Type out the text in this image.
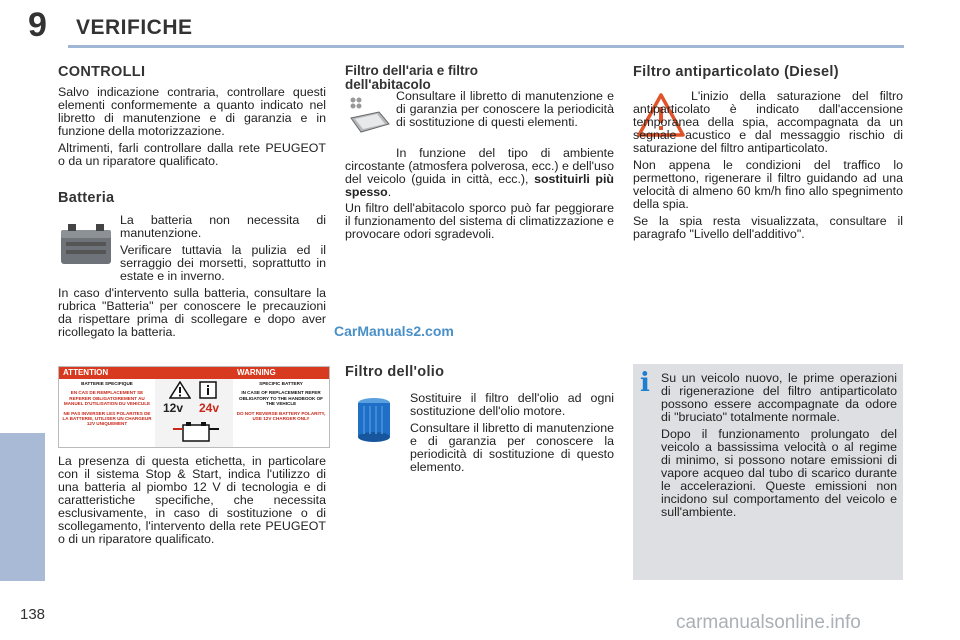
9 VERIFICHE
138
CONTROLLI

Salvo indicazione contraria, controllare questi elementi conformemente a quanto indicato nel libretto di manutenzione e di garanzia e in funzione della motorizzazione.

Altrimenti, farli controllare dalla rete PEUGEOT o da un riparatore qualificato.

Batteria

La batteria non necessita di manutenzione.

Verificare tuttavia la pulizia ed il serraggio dei morsetti, soprattutto in estate e in inverno.

In caso d'intervento sulla batteria, consultare la rubrica "Batteria" per conoscere le precauzioni da rispettare prima di scollegare e dopo aver ricollegato la batteria.	CarManuals2.com
ATTENTION
BATTERIE SPECIFIQUE
EN CAS DE REMPLACEMENT SE REFERER OBLIGATOIREMENT AU MANUEL D'UTILISATION DU VEHICULE
NE PAS INVERSER LES POLARITES DE LA BATTERIE, UTILISER UN CHARGEUR 12V UNIQUEMENT
12v 24v
WARNING
SPECIFIC BATTERY
IN CASE OF REPLACEMENT REFER OBLIGATORY TO THE HANDBOOK OF THE VEHICLE
DO NOT REVERSE BATTERY POLARITY, USE 12V CHARGER ONLY
La presenza di questa etichetta, in particolare con il sistema Stop & Start, indica l'utilizzo di una batteria al piombo 12 V di tecnologia e di caratteristiche specifiche, che necessita esclusivamente, in caso di sostituzione o di scollegamento, l'intervento della rete PEUGEOT o di un riparatore qualificato.
Filtro dell'aria e filtro dell'abitacolo
Consultare il libretto di manutenzione e di garanzia per conoscere la periodicità di sostituzione di questi elementi.
In funzione del tipo di ambiente circostante (atmosfera polverosa, ecc.) e dell'uso del veicolo (guida in città, ecc.), sostituirli più spesso.
Un filtro dell'abitacolo sporco può far peggiorare il funzionamento del sistema di climatizzazione e provocare odori sgradevoli.
Filtro dell'olio

Sostituire il filtro dell'olio ad ogni sostituzione dell'olio motore.

Consultare il libretto di manutenzione e di garanzia per conoscere la periodicità di sostituzione di questo elemento.

Filtro antiparticolato (Diesel)

L'inizio della saturazione del filtro antiparticolato è indicato dall'accensione temporanea della spia, accompagnata da un segnale acustico e dal messaggio rischio di saturazione del filtro antiparticolato.

Non appena le condizioni del traffico lo permettono, rigenerare il filtro guidando ad una velocità di almeno 60 km/h fino allo spegnimento della spia.

Se la spia resta visualizzata, consultare il paragrafo "Livello dell'additivo".

i Su un veicolo nuovo, le prime operazioni di rigenerazione del filtro antiparticolato possono essere accompagnate da odore di "bruciato" totalmente normale.

Dopo il funzionamento prolungato del veicolo a bassissima velocità o al regime di minimo, si possono notare emissioni di vapore acqueo dal tubo di scarico durante le accelerazioni. Queste emissioni non incidono sul comportamento del veicolo e sull'ambiente.

carmanualsonline.info
